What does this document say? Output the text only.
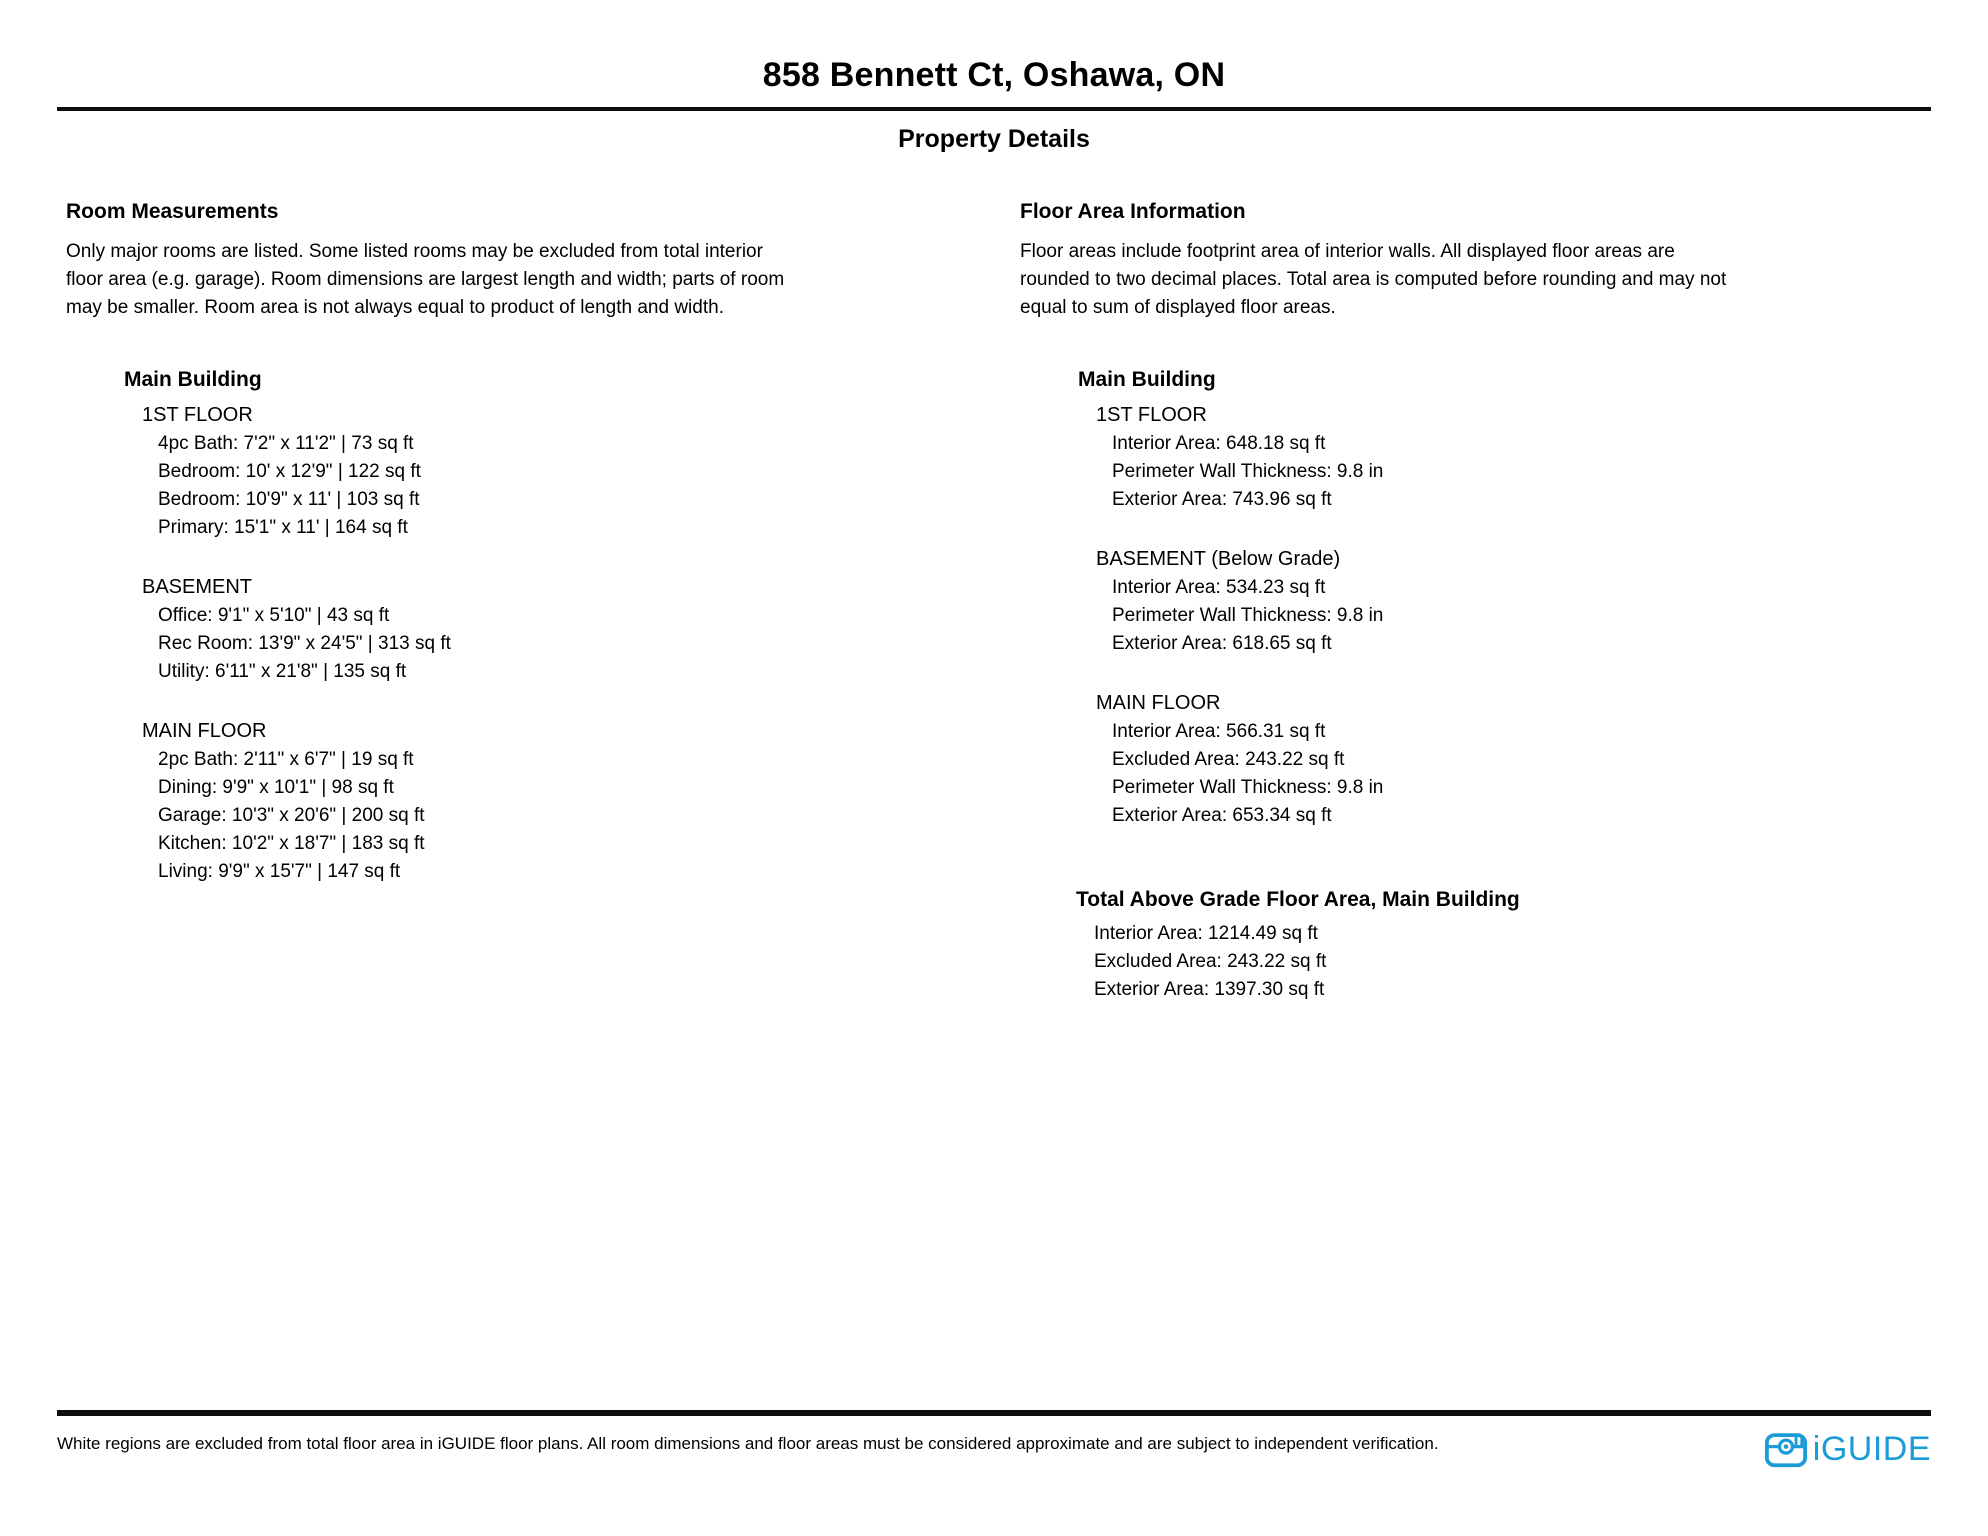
858 Bennett Ct, Oshawa, ON
Property Details
Room Measurements

Only major rooms are listed. Some listed rooms may be excluded from total interior floor area (e.g. garage). Room dimensions are largest length and width; parts of room may be smaller. Room area is not always equal to product of length and width.

Main Building
1ST FLOOR
4pc Bath: 7'2" x 11'2" | 73 sq ft
Bedroom: 10' x 12'9" | 122 sq ft
Bedroom: 10'9" x 11' | 103 sq ft
Primary: 15'1" x 11' | 164 sq ft
BASEMENT
Office: 9'1" x 5'10" | 43 sq ft
Rec Room: 13'9" x 24'5" | 313 sq ft
Utility: 6'11" x 21'8" | 135 sq ft
MAIN FLOOR
2pc Bath: 2'11" x 6'7" | 19 sq ft
Dining: 9'9" x 10'1" | 98 sq ft
Garage: 10'3" x 20'6" | 200 sq ft
Kitchen: 10'2" x 18'7" | 183 sq ft
Living: 9'9" x 15'7" | 147 sq ft
Floor Area Information

Floor areas include footprint area of interior walls. All displayed floor areas are rounded to two decimal places. Total area is computed before rounding and may not equal to sum of displayed floor areas.

Main Building
1ST FLOOR
Interior Area: 648.18 sq ft
Perimeter Wall Thickness: 9.8 in
Exterior Area: 743.96 sq ft
BASEMENT (Below Grade)
Interior Area: 534.23 sq ft
Perimeter Wall Thickness: 9.8 in
Exterior Area: 618.65 sq ft
MAIN FLOOR
Interior Area: 566.31 sq ft
Excluded Area: 243.22 sq ft
Perimeter Wall Thickness: 9.8 in
Exterior Area: 653.34 sq ft
Total Above Grade Floor Area, Main Building
Interior Area: 1214.49 sq ft
Excluded Area: 243.22 sq ft
Exterior Area: 1397.30 sq ft
White regions are excluded from total floor area in iGUIDE floor plans. All room dimensions and floor areas must be considered approximate and are subject to independent verification.	iGUIDE
